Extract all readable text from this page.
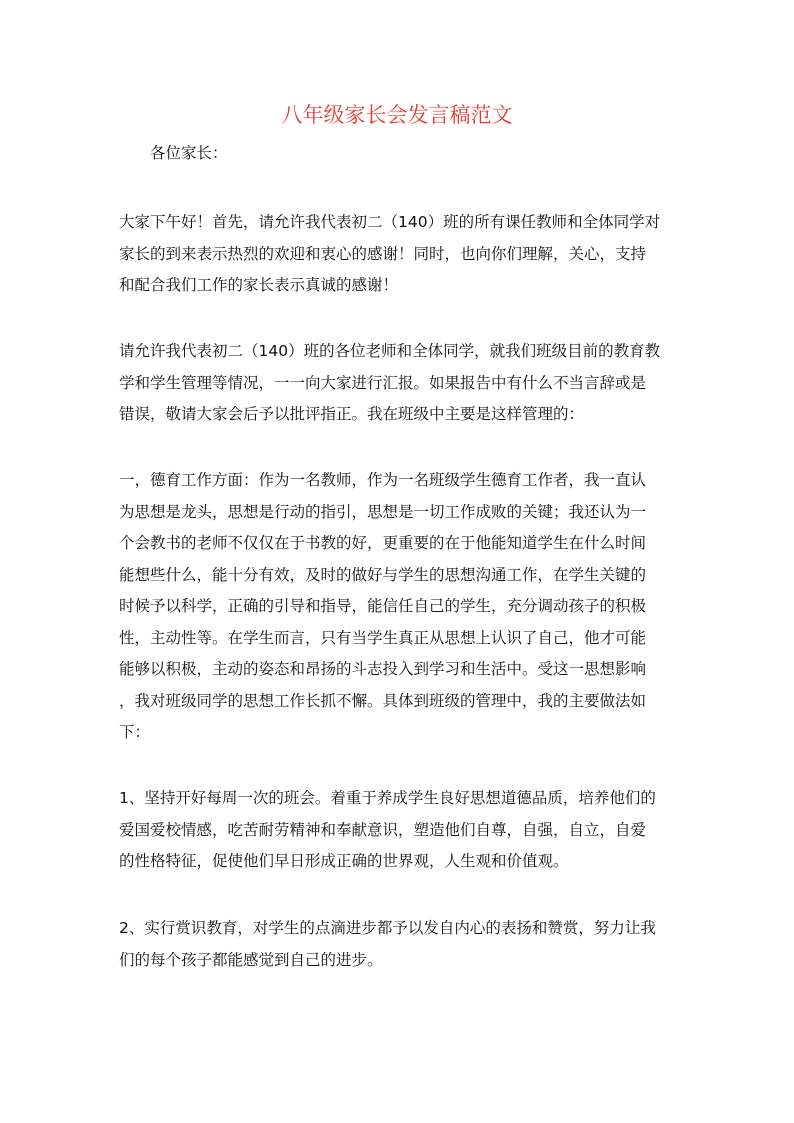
八年级家长会发言稿范文
各位家长：

大家下午好！首先，请允许我代表初二（140）班的所有课任教师和全体同学对
家长的到来表示热烈的欢迎和衷心的感谢！同时，也向你们理解，关心，支持
和配合我们工作的家长表示真诚的感谢！

请允许我代表初二（140）班的各位老师和全体同学，就我们班级目前的教育教
学和学生管理等情况，一一向大家进行汇报。如果报告中有什么不当言辞或是
错误，敬请大家会后予以批评指正。我在班级中主要是这样管理的：

一，德育工作方面：作为一名教师，作为一名班级学生德育工作者，我一直认
为思想是龙头，思想是行动的指引，思想是一切工作成败的关键；我还认为一
个会教书的老师不仅仅在于书教的好，更重要的在于他能知道学生在什么时间
能想些什么，能十分有效，及时的做好与学生的思想沟通工作，在学生关键的
时候予以科学，正确的引导和指导，能信任自己的学生，充分调动孩子的积极
性，主动性等。在学生而言，只有当学生真正从思想上认识了自己，他才可能
能够以积极，主动的姿态和昂扬的斗志投入到学习和生活中。受这一思想影响
，我对班级同学的思想工作长抓不懈。具体到班级的管理中，我的主要做法如
下：

1、坚持开好每周一次的班会。着重于养成学生良好思想道德品质，培养他们的
爱国爱校情感，吃苦耐劳精神和奉献意识，塑造他们自尊，自强，自立，自爱
的性格特征，促使他们早日形成正确的世界观，人生观和价值观。

2、实行赏识教育，对学生的点滴进步都予以发自内心的表扬和赞赏，努力让我
们的每个孩子都能感觉到自己的进步。
